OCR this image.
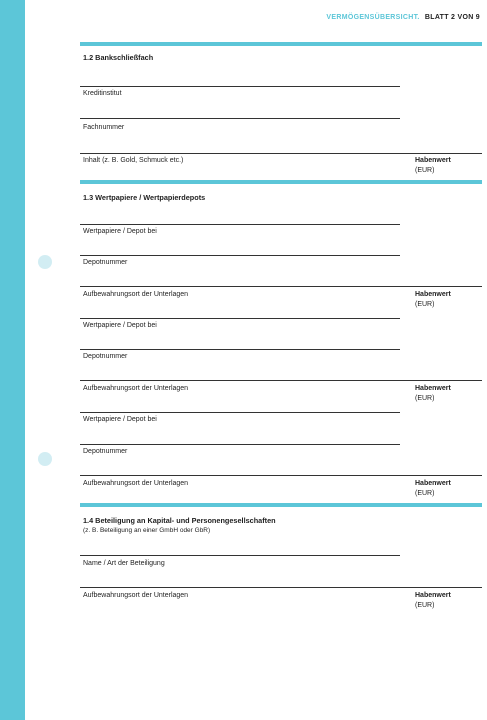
VERMÖGENSÜBERSICHT. BLATT 2 VON 9
1.2 Bankschließfach
Kreditinstitut
Fachnummer
Inhalt (z. B. Gold, Schmuck etc.)	Habenwert
(EUR)
1.3 Wertpapiere / Wertpapierdepots
Wertpapiere / Depot bei
Depotnummer
Aufbewahrungsort der Unterlagen	Habenwert
(EUR)
Wertpapiere / Depot bei
Depotnummer
Aufbewahrungsort der Unterlagen	Habenwert
(EUR)
Wertpapiere / Depot bei
Depotnummer
Aufbewahrungsort der Unterlagen	Habenwert
(EUR)
1.4 Beteiligung an Kapital- und Personengesellschaften
(z. B. Beteiligung an einer GmbH oder GbR)
Name / Art der Beteiligung
Aufbewahrungsort der Unterlagen	Habenwert
(EUR)
